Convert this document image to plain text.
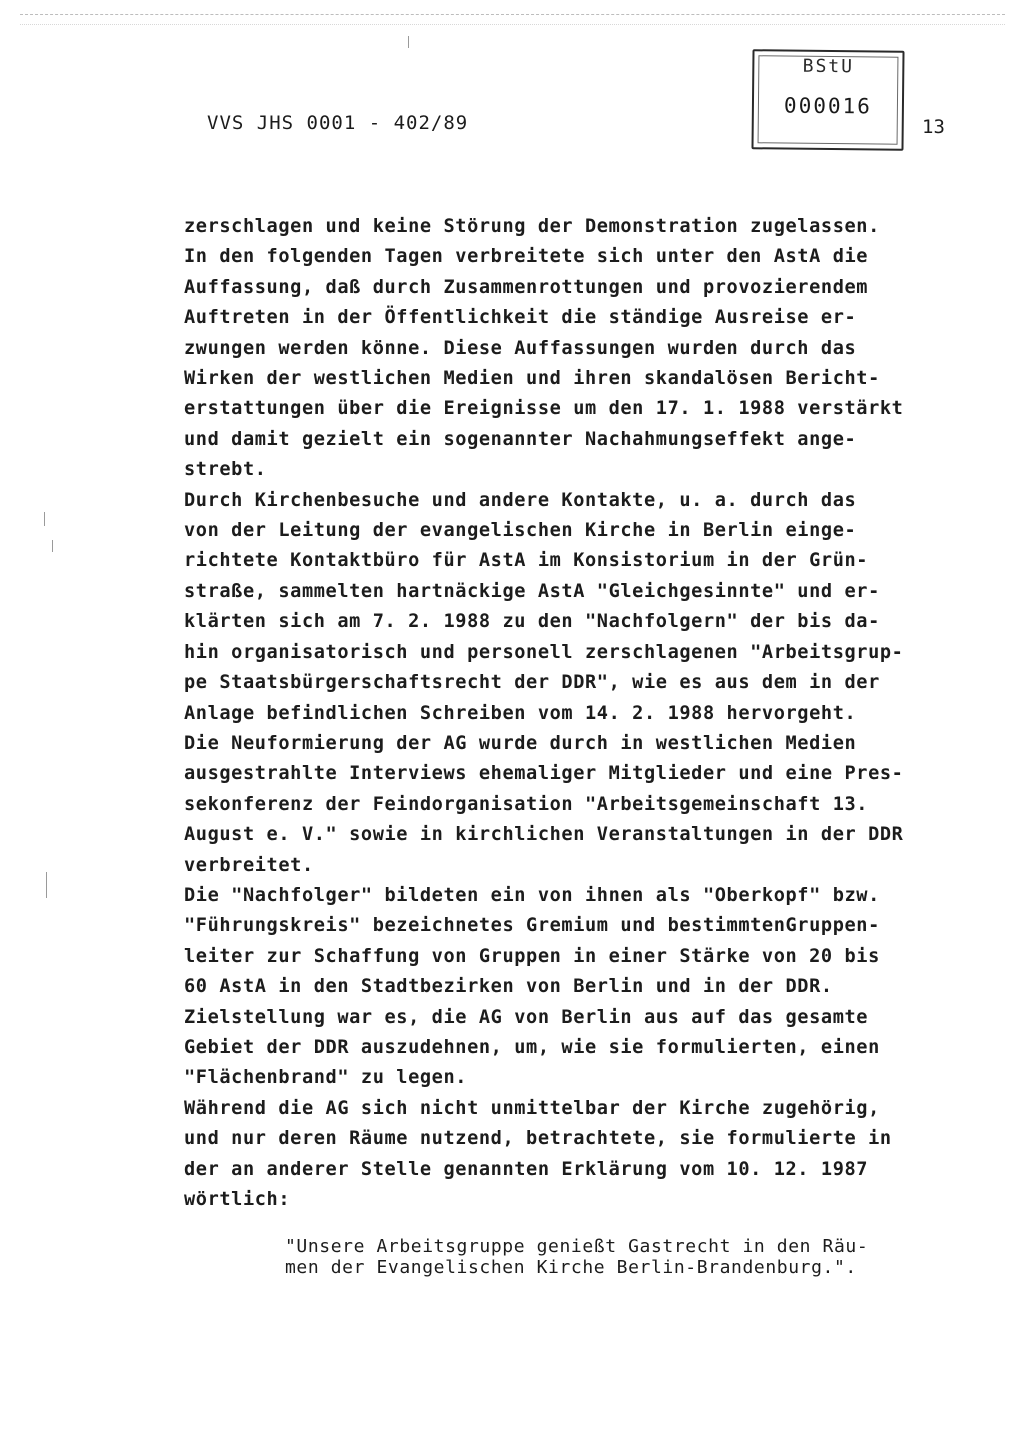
VVS JHS 0001 - 402/89
BStU
000016
13
zerschlagen und keine Störung der Demonstration zugelassen.
In den folgenden Tagen verbreitete sich unter den AstA die
Auffassung, daß durch Zusammenrottungen und provozierendem
Auftreten in der Öffentlichkeit die ständige Ausreise er-
zwungen werden könne. Diese Auffassungen wurden durch das
Wirken der westlichen Medien und ihren skandalösen Bericht-
erstattungen über die Ereignisse um den 17. 1. 1988 verstärkt
und damit gezielt ein sogenannter Nachahmungseffekt ange-
strebt.
Durch Kirchenbesuche und andere Kontakte, u. a. durch das
von der Leitung der evangelischen Kirche in Berlin einge-
richtete Kontaktbüro für AstA im Konsistorium in der Grün-
straße, sammelten hartnäckige AstA "Gleichgesinnte" und er-
klärten sich am 7. 2. 1988 zu den "Nachfolgern" der bis da-
hin organisatorisch und personell zerschlagenen "Arbeitsgrup-
pe Staatsbürgerschaftsrecht der DDR", wie es aus dem in der
Anlage befindlichen Schreiben vom 14. 2. 1988 hervorgeht.
Die Neuformierung der AG wurde durch in westlichen Medien
ausgestrahlte Interviews ehemaliger Mitglieder und eine Pres-
sekonferenz der Feindorganisation "Arbeitsgemeinschaft 13.
August e. V." sowie in kirchlichen Veranstaltungen in der DDR
verbreitet.
Die "Nachfolger" bildeten ein von ihnen als "Oberkopf" bzw.
"Führungskreis" bezeichnetes Gremium und bestimmtenGruppen-
leiter zur Schaffung von Gruppen in einer Stärke von 20 bis
60 AstA in den Stadtbezirken von Berlin und in der DDR.
Zielstellung war es, die AG von Berlin aus auf das gesamte
Gebiet der DDR auszudehnen, um, wie sie formulierten, einen
"Flächenbrand" zu legen.
Während die AG sich nicht unmittelbar der Kirche zugehörig,
und nur deren Räume nutzend, betrachtete, sie formulierte in
der an anderer Stelle genannten Erklärung vom 10. 12. 1987
wörtlich:
"Unsere Arbeitsgruppe genießt Gastrecht in den Räu-
men der Evangelischen Kirche Berlin-Brandenburg.".
